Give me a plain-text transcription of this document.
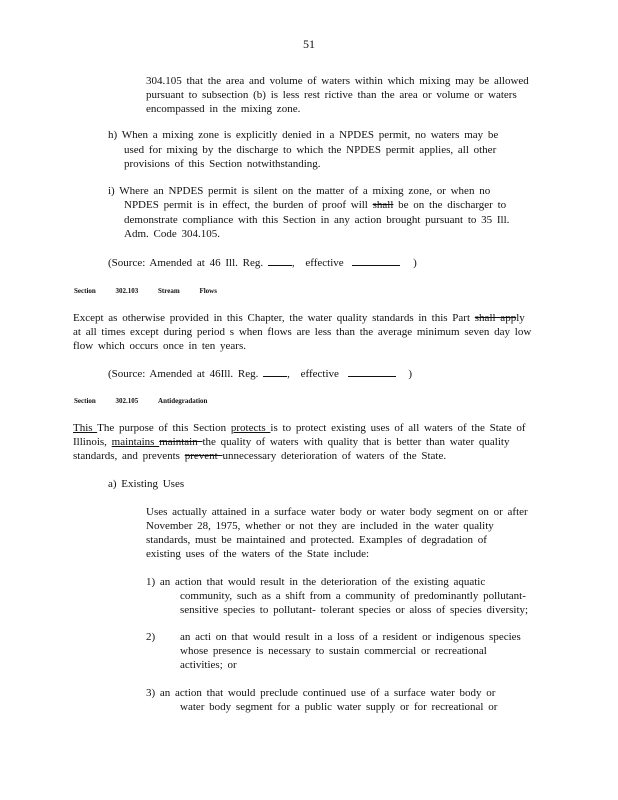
51
304.105 that the area and volume of waters within which mixing may be allowed
pursuant to subsection (b) is less rest rictive than the area or volume or waters
encompassed in the mixing zone.
h) When a mixing zone is explicitly denied in a NPDES permit, no waters may be
used for mixing by the discharge to which the NPDES permit applies, all other
provisions of this Section notwithstanding.
i) Where an NPDES permit is silent on the matter of a mixing zone, or when no
NPDES permit is in effect, the burden of proof will shall be on the discharger to
demonstrate compliance with this Section in any action brought pursuant to 35 Ill.
Adm. Code 304.105.
(Source: Amended at 46 Ill. Reg.	, effective	)
Section	302.103	Stream	Flows
Except as otherwise provided in this Chapter, the water quality standards in this Part shall apply
at all times except during period s when flows are less than the average minimum seven day low
flow which occurs once in ten years.
(Source: Amended at 46Ill. Reg.	, effective	)
Section	302.105	Antidegradation
This The purpose of this Section protects is to protect existing uses of all waters of the State of
Illinois, maintains maintain the quality of waters with quality that is better than water quality
standards, and prevents prevent unnecessary deterioration of waters of the State.
a) Existing Uses
Uses actually attained in a surface water body or water body segment on or after
November 28, 1975, whether or not they are included in the water quality
standards, must be maintained and protected. Examples of degradation of
existing uses of the waters of the State include:
1) an action that would result in the deterioration of the existing aquatic
community, such as a shift from a community of predominantly pollutant-
sensitive species to pollutant- tolerant species or aloss of species diversity;
2) an acti on that would result in a loss of a resident or indigenous species
whose presence is necessary to sustain commercial or recreational
activities; or
3) an action that would preclude continued use of a surface water body or
water body segment for a public water supply or for recreational or
